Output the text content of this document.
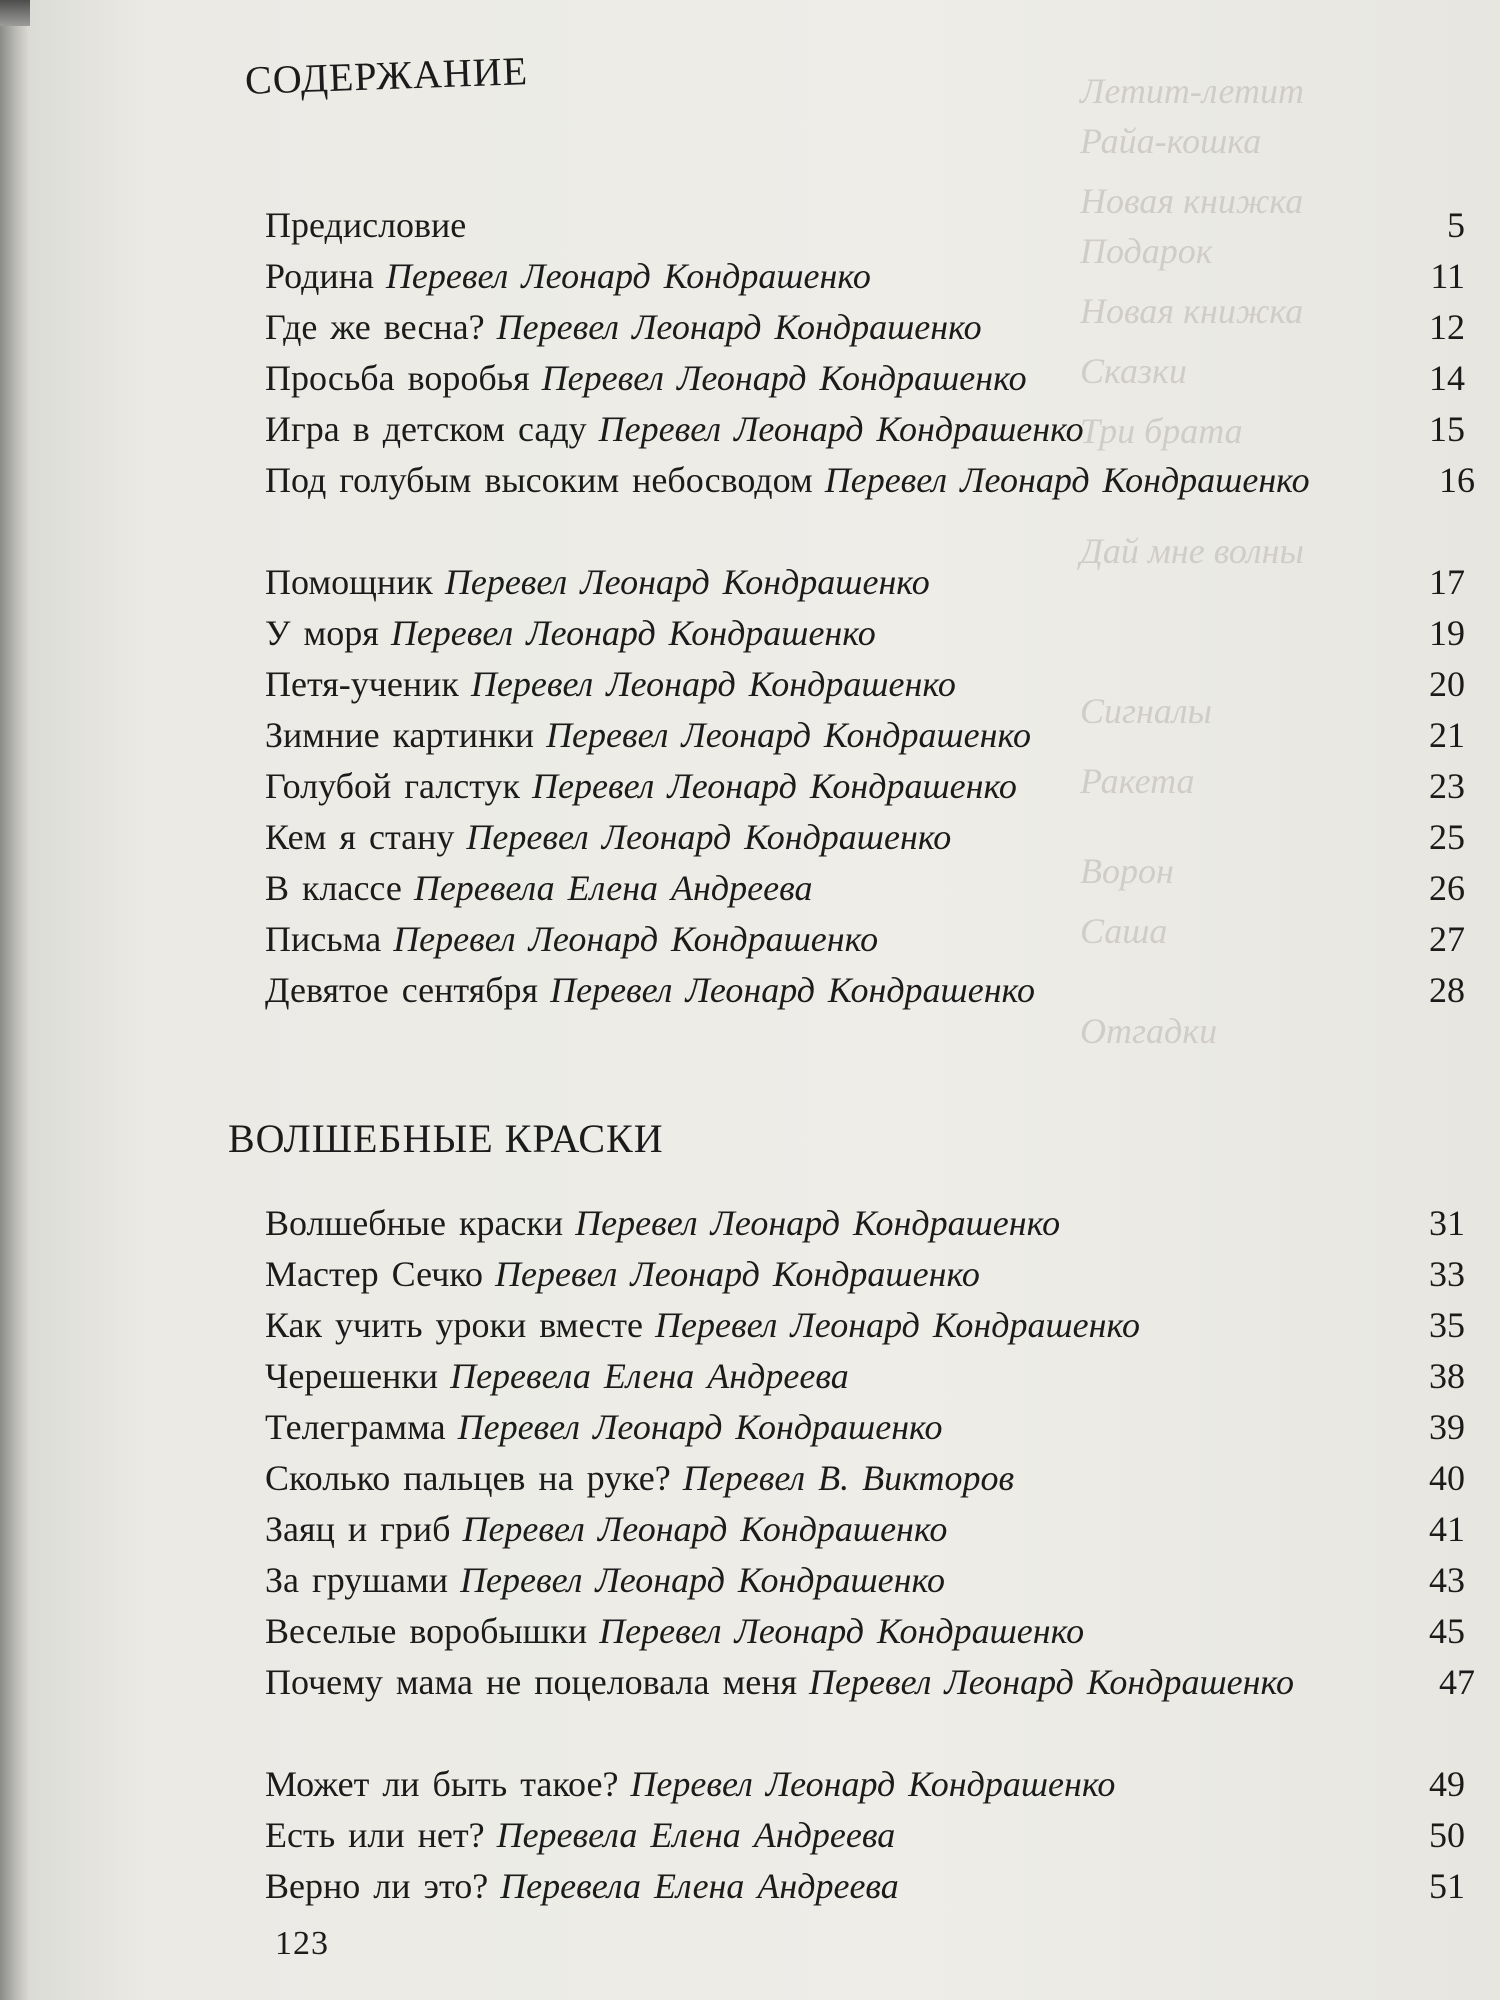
Летит-летит
Райа-кошка
Новая книжка
Подарок
Новая книжка
Сказки
Три брата
Дай мне волны
Сигналы
Ракета
Ворон
Саша
Отгадки
СОДЕРЖАНИЕ
ВОЛШЕБНЫЕ КРАСКИ
Предисловие	5
Родина Перевел Леонард Кондрашенко	11
Где же весна? Перевел Леонард Кондрашенко	12
Просьба воробья Перевел Леонард Кондрашенко	14
Игра в детском саду Перевел Леонард Кондрашенко	15
Под голубым высоким небосводом Перевел Леонард Кондрашенко	16
Помощник Перевел Леонард Кондрашенко	17
У моря Перевел Леонард Кондрашенко	19
Петя-ученик Перевел Леонард Кондрашенко	20
Зимние картинки Перевел Леонард Кондрашенко	21
Голубой галстук Перевел Леонард Кондрашенко	23
Кем я стану Перевел Леонард Кондрашенко	25
В классе Перевела Елена Андреева	26
Письма Перевел Леонард Кондрашенко	27
Девятое сентября Перевел Леонард Кондрашенко	28
Волшебные краски Перевел Леонард Кондрашенко	31
Мастер Сечко Перевел Леонард Кондрашенко	33
Как учить уроки вместе Перевел Леонард Кондрашенко	35
Черешенки Перевела Елена Андреева	38
Телеграмма Перевел Леонард Кондрашенко	39
Сколько пальцев на руке? Перевел В. Викторов	40
Заяц и гриб Перевел Леонард Кондрашенко	41
За грушами Перевел Леонард Кондрашенко	43
Веселые воробышки Перевел Леонард Кондрашенко	45
Почему мама не поцеловала меня Перевел Леонард Кондрашенко	47
Может ли быть такое? Перевел Леонард Кондрашенко	49
Есть или нет? Перевела Елена Андреева	50
Верно ли это? Перевела Елена Андреева	51
123
